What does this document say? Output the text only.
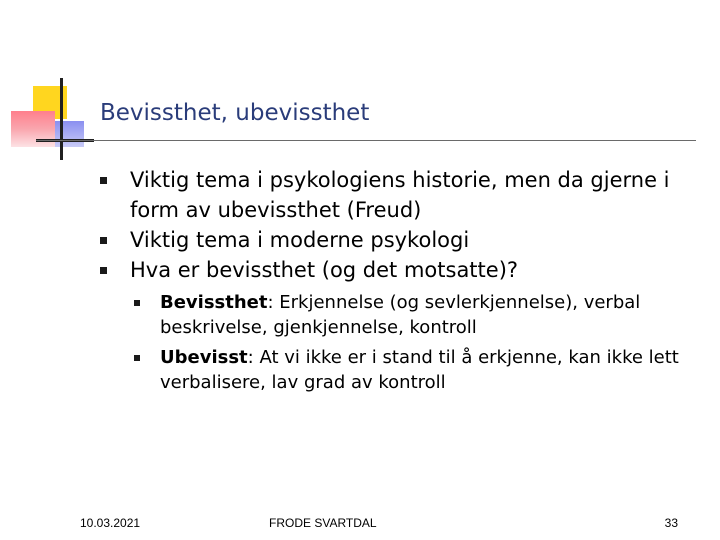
Bevissthet, ubevissthet
Viktig tema i psykologiens historie, men da gjerne i form av ubevissthet (Freud)
Viktig tema i moderne psykologi
Hva er bevissthet (og det motsatte)?
Bevissthet: Erkjennelse (og sevlerkjennelse), verbal beskrivelse, gjenkjennelse, kontroll
Ubevisst: At vi ikke er i stand til å erkjenne, kan ikke lett verbalisere, lav grad av kontroll
10.03.2021	FRODE SVARTDAL	33
